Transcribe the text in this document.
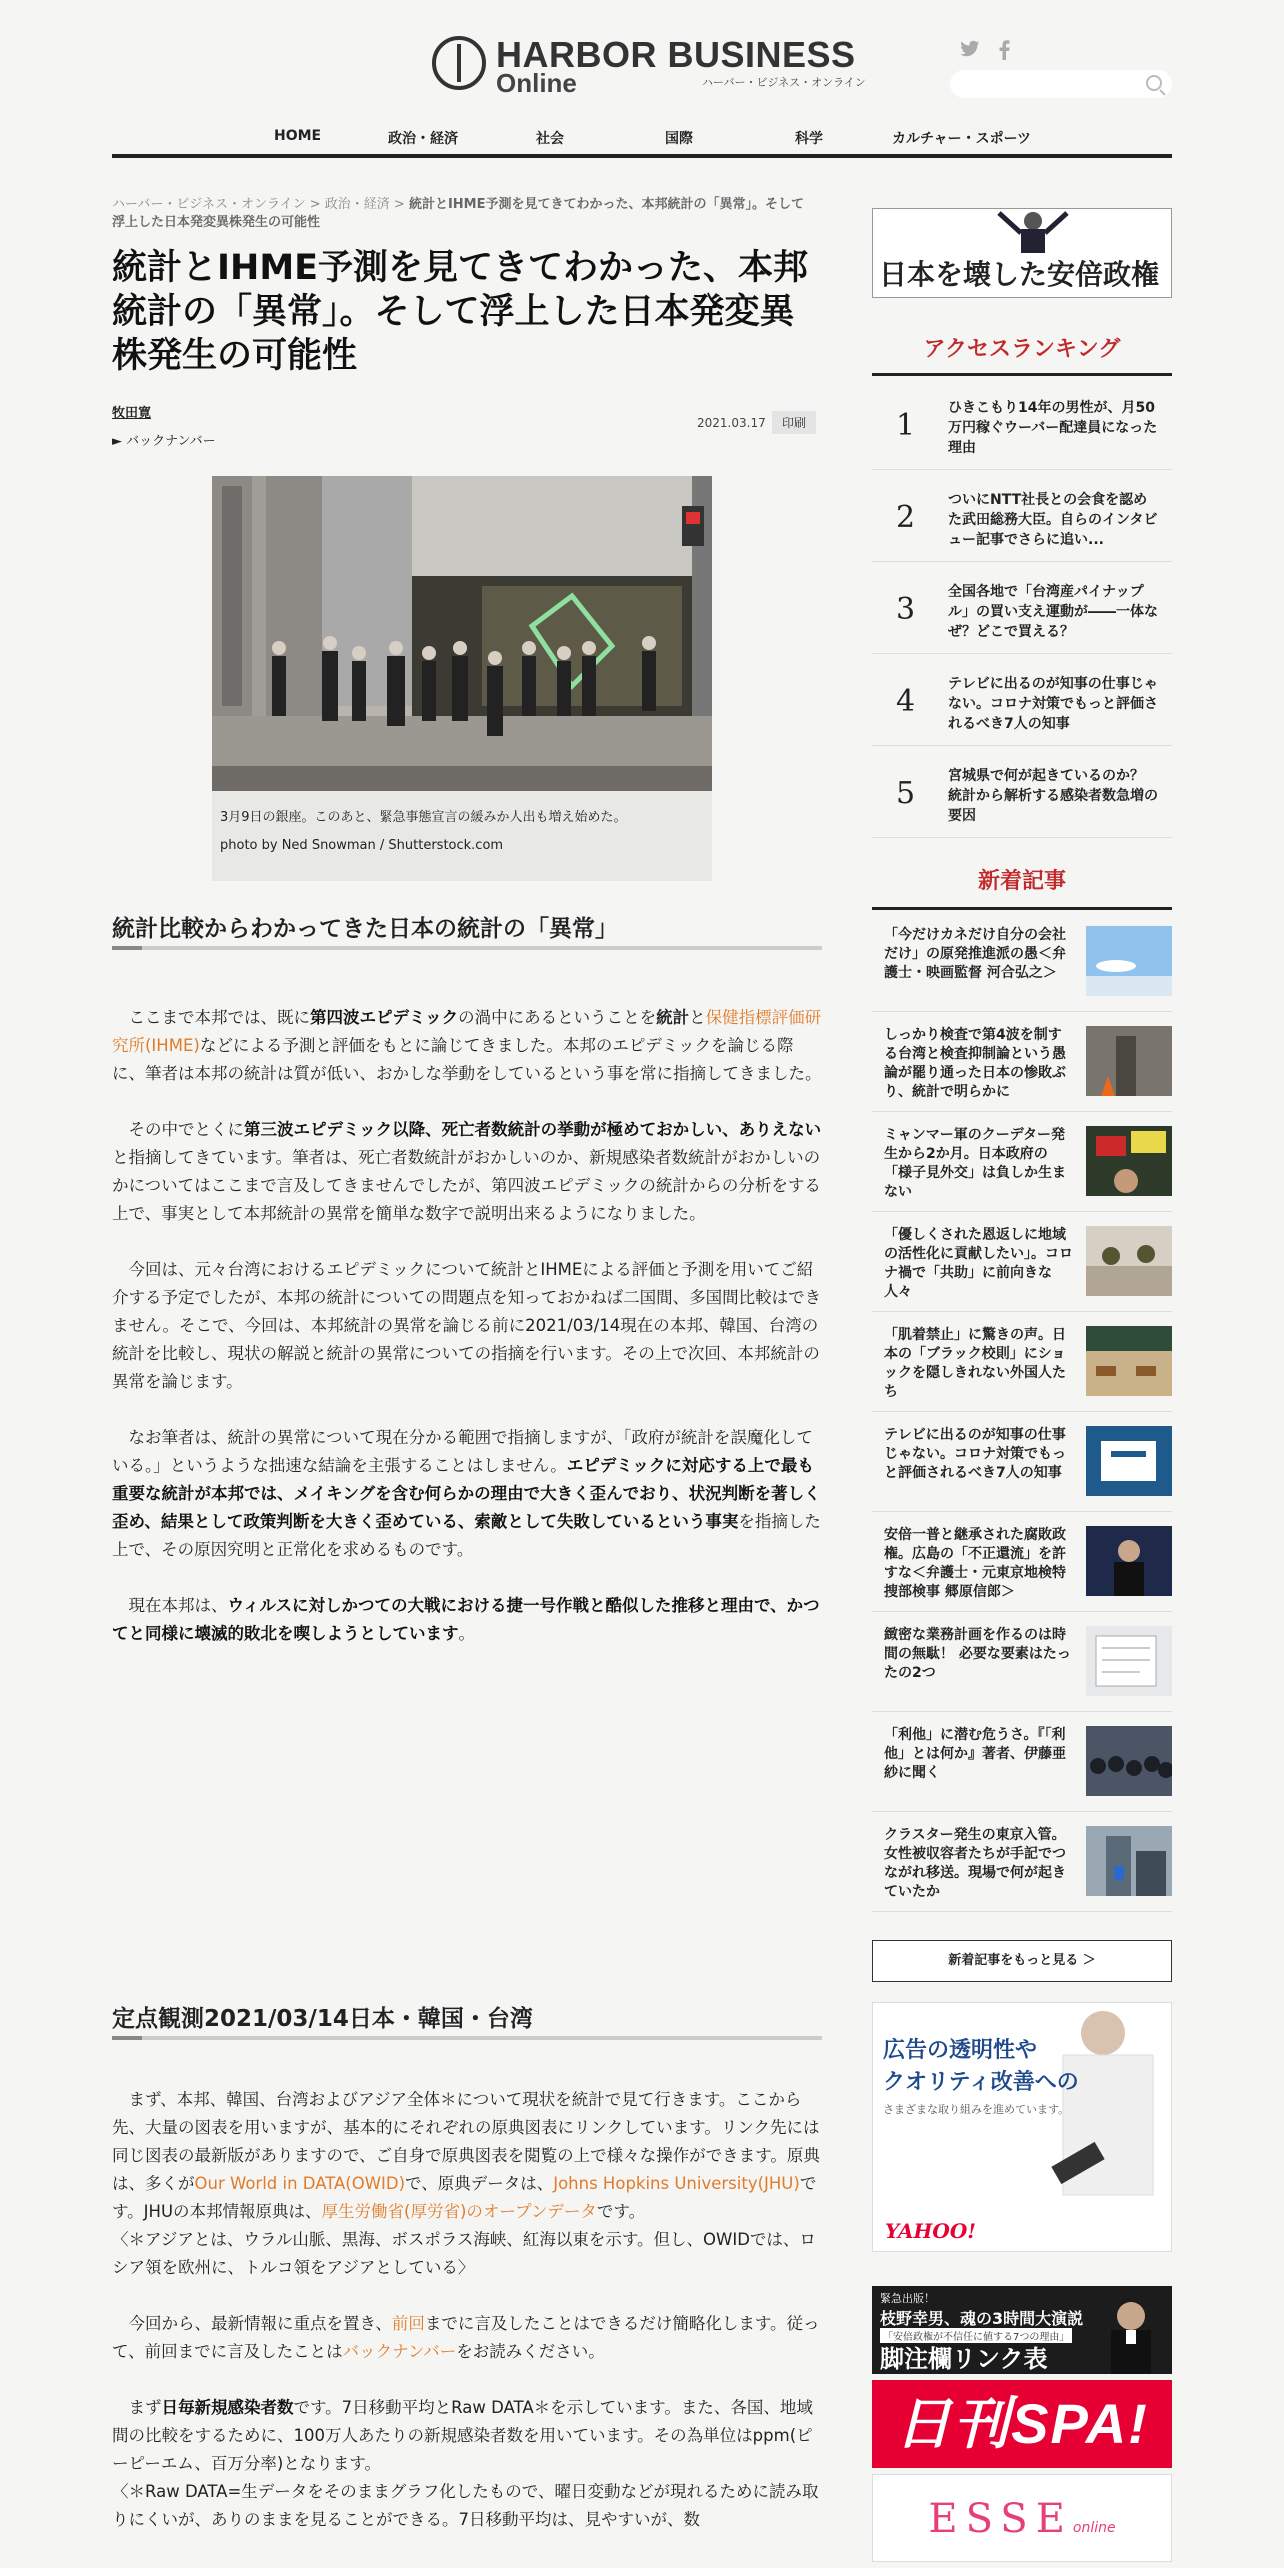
HARBOR BUSINESS
Online	ハーバー・ビジネス・オンライン
HOME	政治・経済	社会	国際	科学	カルチャー・スポーツ
ハーバー・ビジネス・オンライン > 政治・経済 > 統計とIHME予測を見てきてわかった、本邦統計の「異常」。そして浮上した日本発変異株発生の可能性
統計とIHME予測を見てきてわかった、本邦統計の「異常」。そして浮上した日本発変異株発生の可能性
牧田寛
► バックナンバー
2021.03.17	印刷
3月9日の銀座。このあと、緊急事態宣言の緩みか人出も増え始めた。
photo by Ned Snowman / Shutterstock.com
統計比較からわかってきた日本の統計の「異常」

ここまで本邦では、既に第四波エピデミックの渦中にあるということを統計と保健指標評価研究所(IHME)などによる予測と評価をもとに論じてきました。本邦のエピデミックを論じる際に、筆者は本邦の統計は質が低い、おかしな挙動をしているという事を常に指摘してきました。

その中でとくに第三波エピデミック以降、死亡者数統計の挙動が極めておかしい、ありえないと指摘してきています。筆者は、死亡者数統計がおかしいのか、新規感染者数統計がおかしいのかについてはここまで言及してきませんでしたが、第四波エピデミックの統計からの分析をする上で、事実として本邦統計の異常を簡単な数字で説明出来るようになりました。

今回は、元々台湾におけるエピデミックについて統計とIHMEによる評価と予測を用いてご紹介する予定でしたが、本邦の統計についての問題点を知っておかねば二国間、多国間比較はできません。そこで、今回は、本邦統計の異常を論じる前に2021/03/14現在の本邦、韓国、台湾の統計を比較し、現状の解説と統計の異常についての指摘を行います。その上で次回、本邦統計の異常を論じます。

なお筆者は、統計の異常について現在分かる範囲で指摘しますが、「政府が統計を誤魔化している。」というような拙速な結論を主張することはしません。エピデミックに対応する上で最も重要な統計が本邦では、メイキングを含む何らかの理由で大きく歪んでおり、状況判断を著しく歪め、結果として政策判断を大きく歪めている、索敵として失敗しているという事実を指摘した上で、その原因究明と正常化を求めるものです。

現在本邦は、ウィルスに対しかつての大戦における捷一号作戦と酷似した推移と理由で、かつてと同様に壊滅的敗北を喫しようとしています。

定点観測2021/03/14日本・韓国・台湾

まず、本邦、韓国、台湾およびアジア全体＊について現状を統計で見て行きます。ここから先、大量の図表を用いますが、基本的にそれぞれの原典図表にリンクしています。リンク先には同じ図表の最新版がありますので、ご自身で原典図表を閲覧の上で様々な操作ができます。原典は、多くがOur World in DATA(OWID)で、原典データは、Johns Hopkins University(JHU)です。JHUの本邦情報原典は、厚生労働省(厚労省)のオープンデータです。

〈＊アジアとは、ウラル山脈、黒海、ボスポラス海峡、紅海以東を示す。但し、OWIDでは、ロシア領を欧州に、トルコ領をアジアとしている〉

今回から、最新情報に重点を置き、前回までに言及したことはできるだけ簡略化します。従って、前回までに言及したことはバックナンバーをお読みください。

まず日毎新規感染者数です。7日移動平均とRaw DATA＊を示しています。また、各国、地域間の比較をするために、100万人あたりの新規感染者数を用いています。その為単位はppm(ピーピーエム、百万分率)となります。

〈＊Raw DATA=生データをそのままグラフ化したもので、曜日変動などが現れるために読み取りにくいが、ありのままを見ることができる。7日移動平均は、見やすいが、数

日本を壊した安倍政権
アクセスランキング
1 ひきこもり14年の男性が、月50万円稼ぐウーバー配達員になった理由
2 ついにNTT社長との会食を認めた武田総務大臣。自らのインタビュー記事でさらに追い...
3 全国各地で「台湾産パイナップル」の買い支え運動が――一体なぜ？どこで買える？
4 テレビに出るのが知事の仕事じゃない。コロナ対策でもっと評価されるべき7人の知事
5 宮城県で何が起きているのか？ 統計から解析する感染者数急増の要因
新着記事
「今だけカネだけ自分の会社だけ」の原発推進派の愚＜弁護士・映画監督 河合弘之＞
しっかり検査で第4波を制する台湾と検査抑制論という愚論が罷り通った日本の惨敗ぶり、統計で明らかに
ミャンマー軍のクーデター発生から2か月。日本政府の「様子見外交」は負しか生まない
「優しくされた恩返しに地域の活性化に貢献したい」。コロナ禍で「共助」に前向きな人々
「肌着禁止」に驚きの声。日本の「ブラック校則」にショックを隠しきれない外国人たち
テレビに出るのが知事の仕事じゃない。コロナ対策でもっと評価されるべき7人の知事
安倍一普と継承された腐敗政権。広島の「不正還流」を許すな＜弁護士・元東京地検特捜部検事 郷原信郎＞
緻密な業務計画を作るのは時間の無駄！ 必要な要素はたったの2つ
「利他」に潜む危うさ。『「利他」とは何か』著者、伊藤亜紗に聞く
クラスター発生の東京入管。女性被収容者たちが手記でつながれ移送。現場で何が起きていたか
新着記事をもっと見る ＞
広告の透明性や
クオリティ改善への
さまざまな取り組みを進めています。
YAHOO!
緊急出版！
枝野幸男、魂の3時間大演説
「安倍政権が不信任に値する7つの理由」
脚注欄リンク表
日刊SPA!
ESSEonline
